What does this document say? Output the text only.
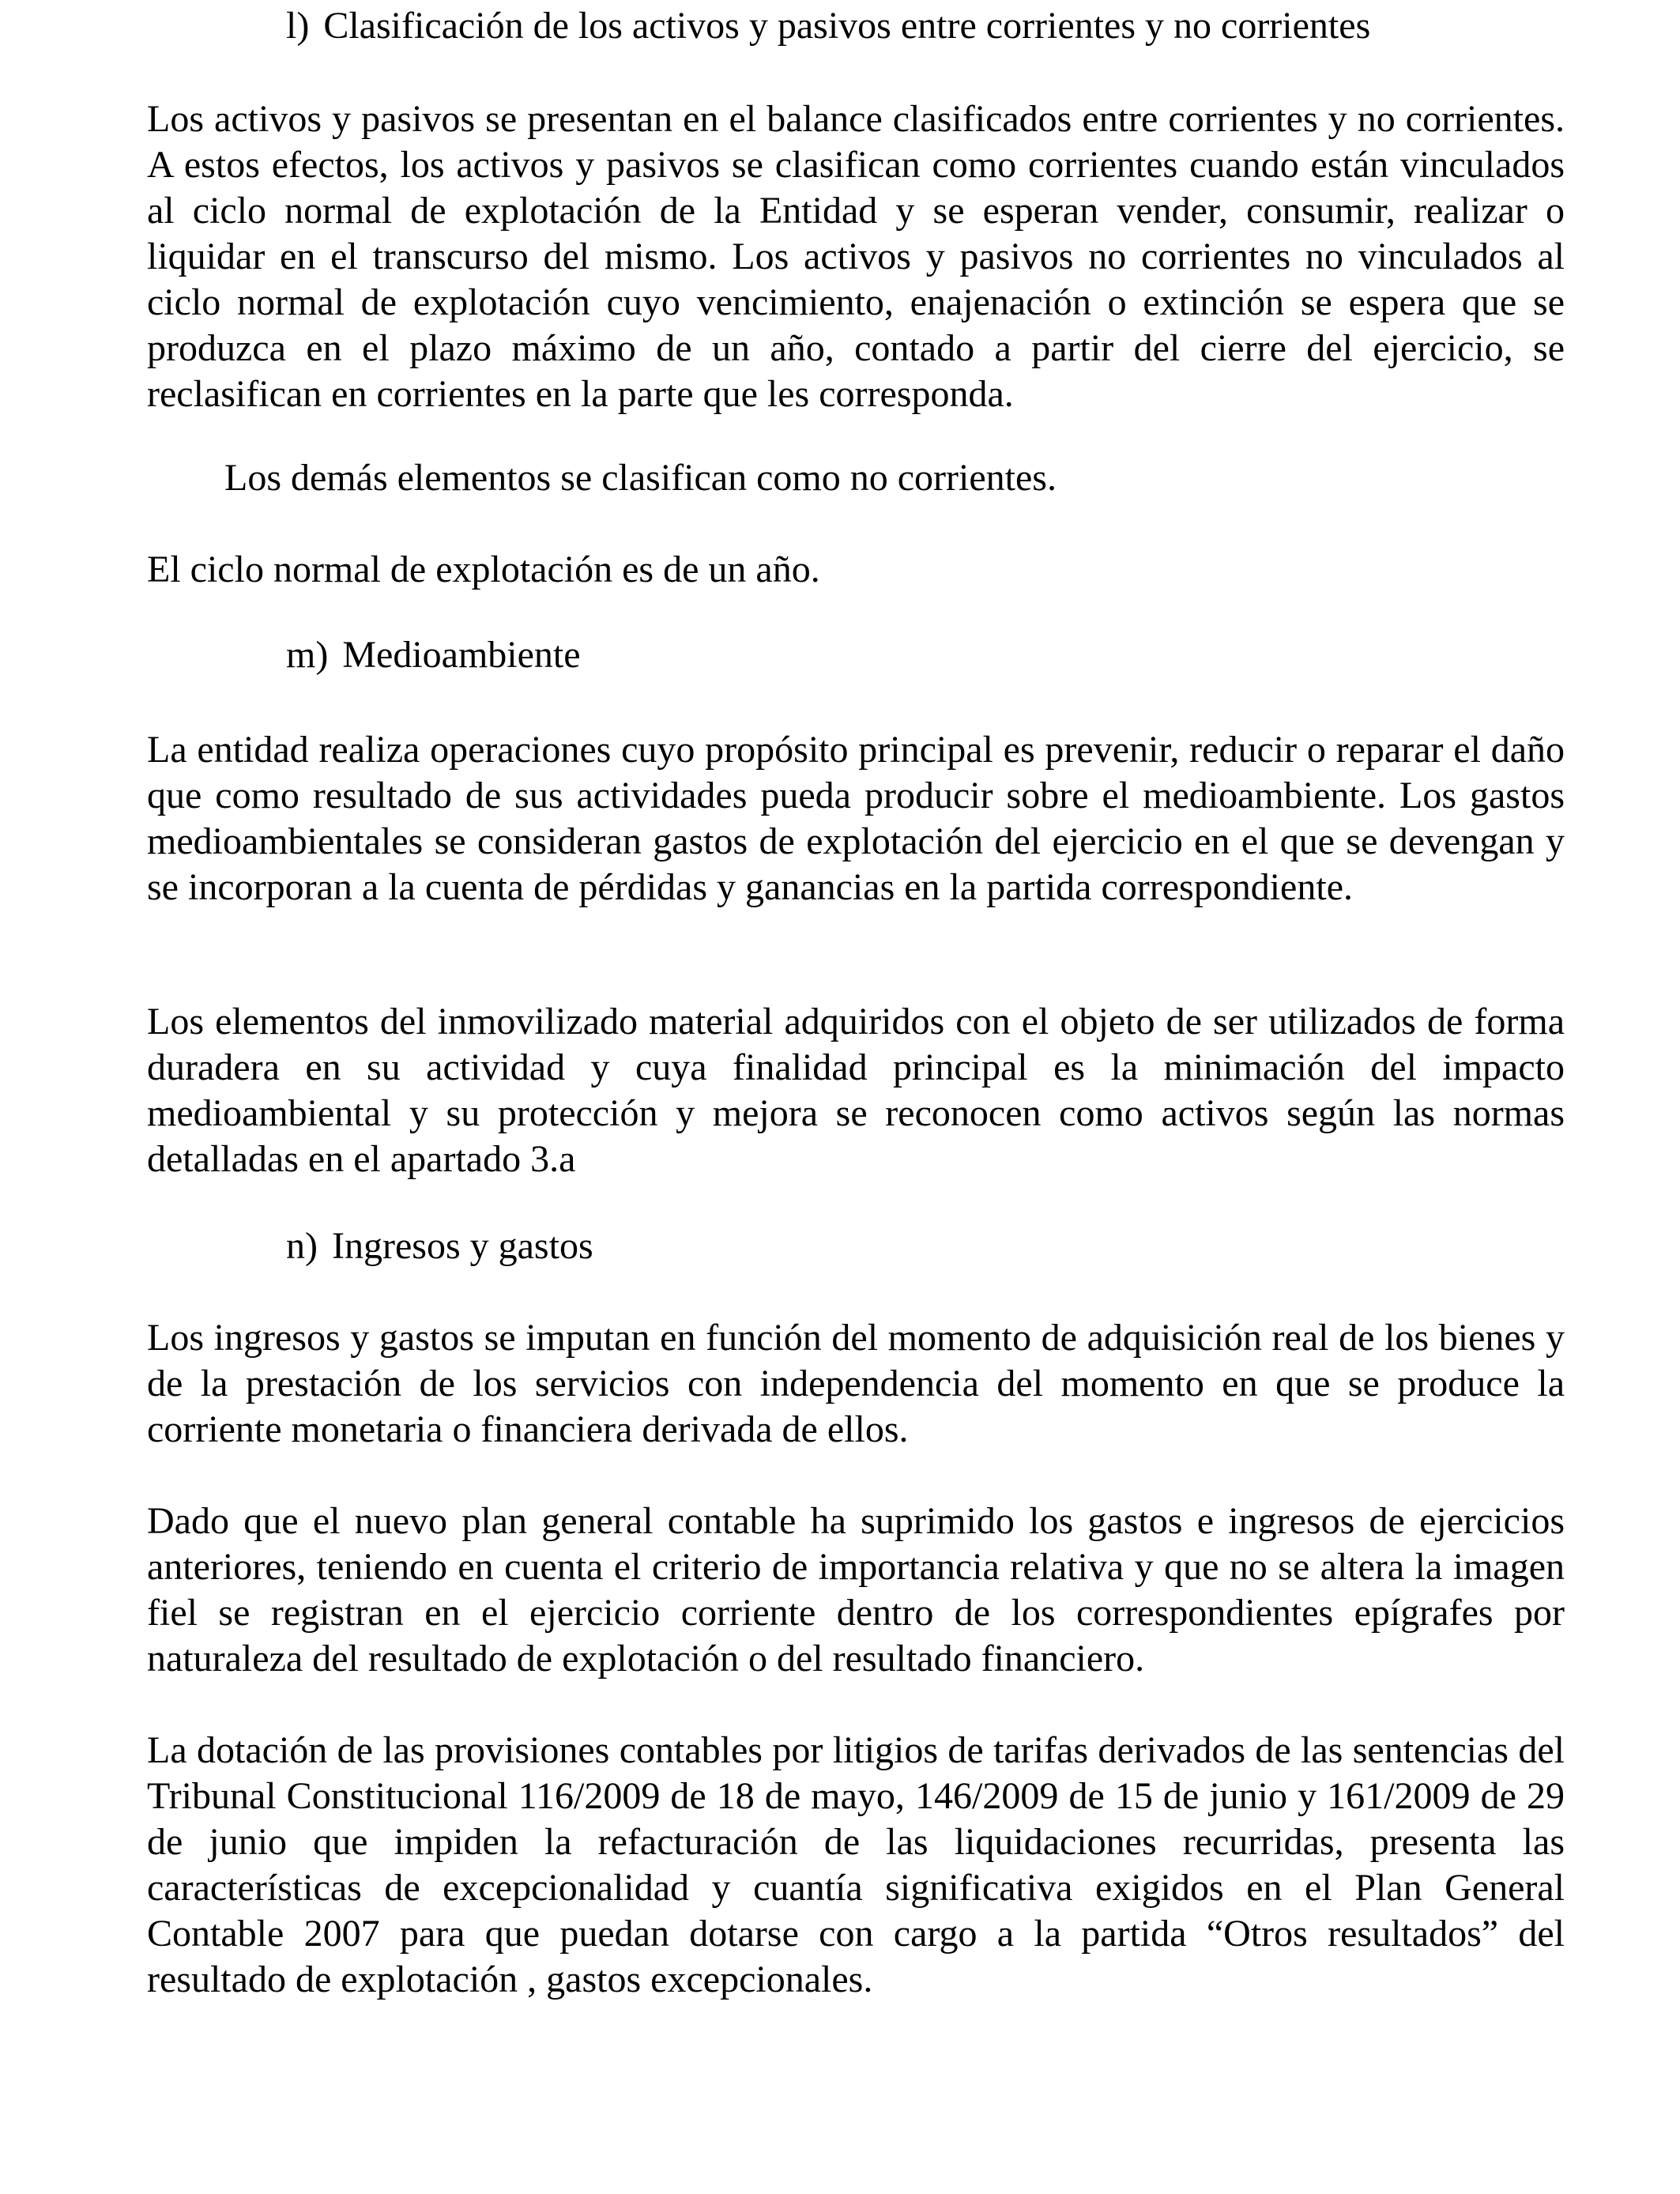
l) Clasificación de los activos y pasivos entre corrientes y no corrientes

Los activos y pasivos se presentan en el balance clasificados entre corrientes y no corrientes. A estos efectos, los activos y pasivos se clasifican como corrientes cuando están vinculados al ciclo normal de explotación de la Entidad y se esperan vender, consumir, realizar o liquidar en el transcurso del mismo. Los activos y pasivos no corrientes no vinculados al ciclo normal de explotación cuyo vencimiento, enajenación o extinción se espera que se produzca en el plazo máximo de un año, contado a partir del cierre del ejercicio, se reclasifican en corrientes en la parte que les corresponda.

Los demás elementos se clasifican como no corrientes.

El ciclo normal de explotación es de un año.

m) Medioambiente

La entidad realiza operaciones cuyo propósito principal es prevenir, reducir o reparar el daño que como resultado de sus actividades pueda producir sobre el medioambiente. Los gastos medioambientales se consideran gastos de explotación del ejercicio en el que se devengan y se incorporan a la cuenta de pérdidas y ganancias en la partida correspondiente.

Los elementos del inmovilizado material adquiridos con el objeto de ser utilizados de forma duradera en su actividad y cuya finalidad principal es la minimación del impacto medioambiental y su protección y mejora se reconocen como activos según las normas detalladas en el apartado 3.a

n) Ingresos y gastos

Los ingresos y gastos se imputan en función del momento de adquisición real de los bienes y de la prestación de los servicios con independencia del momento en que se produce la corriente monetaria o financiera derivada de ellos.

Dado que el nuevo plan general contable ha suprimido los gastos e ingresos de ejercicios anteriores, teniendo en cuenta el criterio de importancia relativa y que no se altera la imagen fiel se registran en el ejercicio corriente dentro de los correspondientes epígrafes por naturaleza del resultado de explotación o del resultado financiero.

La dotación de las provisiones contables por litigios de tarifas derivados de las sentencias del Tribunal Constitucional 116/2009 de 18 de mayo, 146/2009 de 15 de junio y 161/2009 de 29 de junio que impiden la refacturación de las liquidaciones recurridas, presenta las características de excepcionalidad y cuantía significativa exigidos en el Plan General Contable 2007 para que puedan dotarse con cargo a la partida “Otros resultados” del resultado de explotación , gastos excepcionales.
